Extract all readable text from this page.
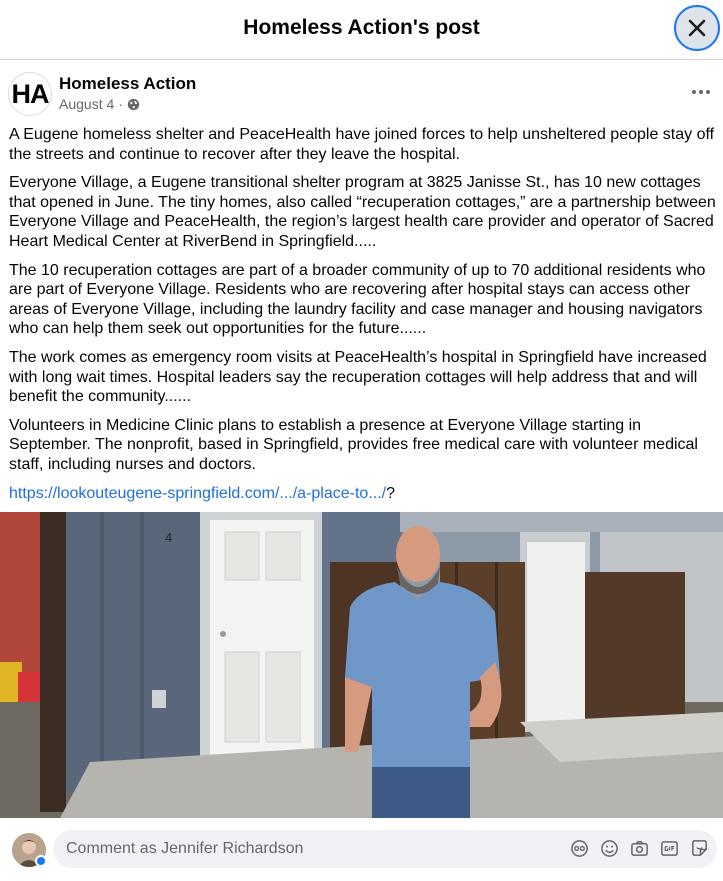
Homeless Action's post
HA Homeless Action
August 4 ·

A Eugene homeless shelter and PeaceHealth have joined forces to help unsheltered people stay off the streets and continue to recover after they leave the hospital.

Everyone Village, a Eugene transitional shelter program at 3825 Janisse St., has 10 new cottages that opened in June. The tiny homes, also called “recuperation cottages,” are a partnership between Everyone Village and PeaceHealth, the region’s largest health care provider and operator of Sacred Heart Medical Center at RiverBend in Springfield.....

The 10 recuperation cottages are part of a broader community of up to 70 additional residents who are part of Everyone Village. Residents who are recovering after hospital stays can access other areas of Everyone Village, including the laundry facility and case manager and housing navigators who can help them seek out opportunities for the future......

The work comes as emergency room visits at PeaceHealth’s hospital in Springfield have increased with long wait times. Hospital leaders say the recuperation cottages will help address that and will benefit the community......

Volunteers in Medicine Clinic plans to establish a presence at Everyone Village starting in September. The nonprofit, based in Springfield, provides free medical care with volunteer medical staff, including nurses and doctors.

https://lookouteugene-springfield.com/.../a-place-to.../?

4
Comment as Jennifer Richardson
